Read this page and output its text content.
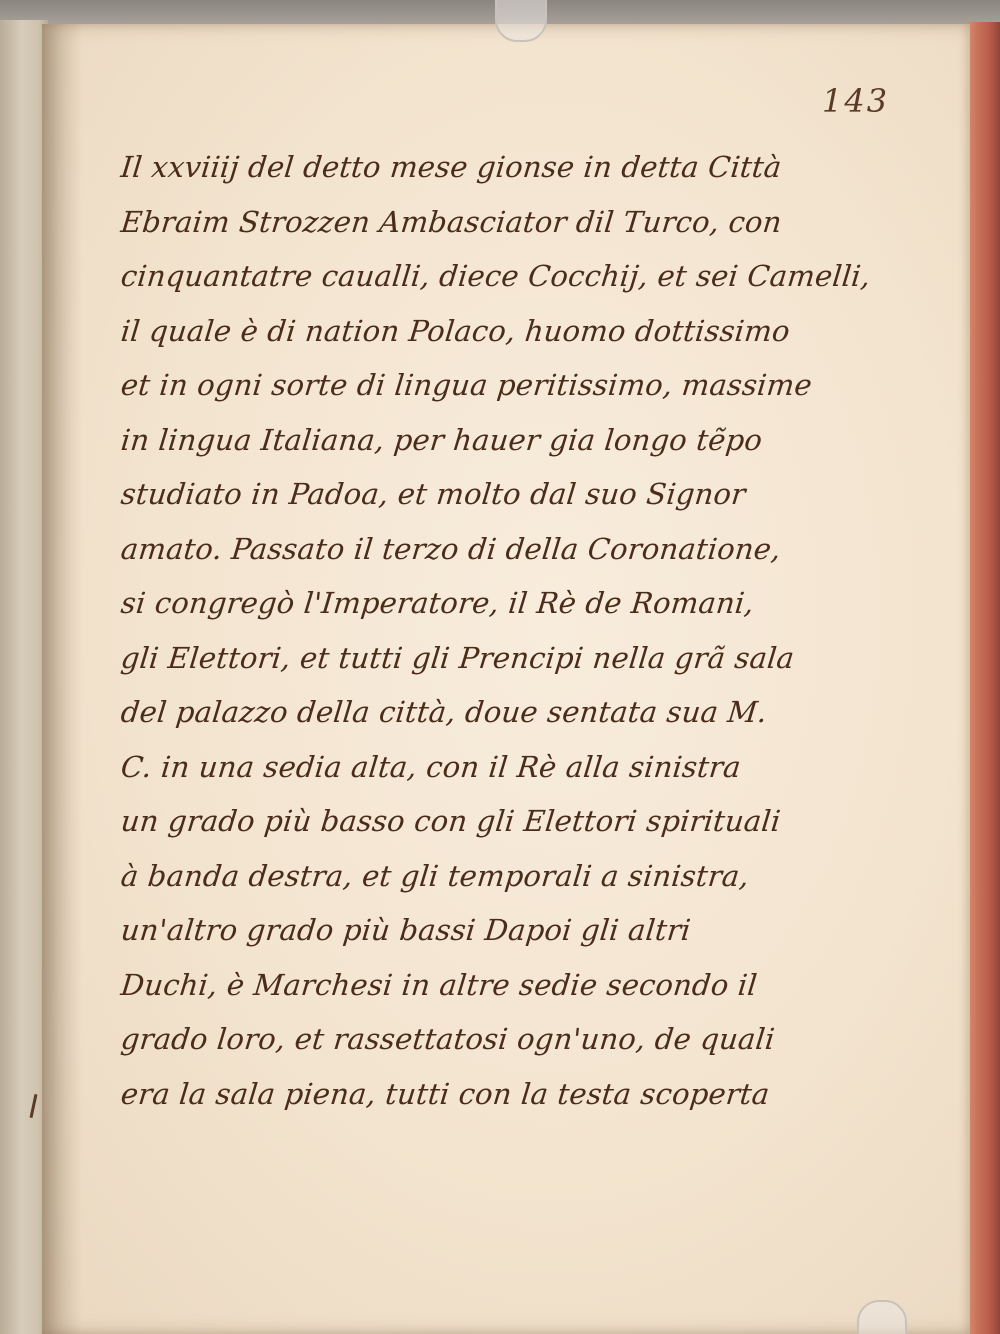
143
Il xxviiij del detto mese gionse in detta Città
Ebraim Strozzen Ambasciator dil Turco, con
cinquantatre caualli, diece Cocchij, et sei Camelli,
il quale è di nation Polaco, huomo dottissimo
et in ogni sorte di lingua peritissimo, massime
in lingua Italiana, per hauer gia longo tẽpo
studiato in Padoa, et molto dal suo Signor
amato. Passato il terzo di della Coronatione,
si congregò l'Imperatore, il Rè de Romani,
gli Elettori, et tutti gli Prencipi nella grã sala
del palazzo della città, doue sentata sua M.
C. in una sedia alta, con il Rè alla sinistra
un grado più basso con gli Elettori spirituali
à banda destra, et gli temporali a sinistra,
un'altro grado più bassi Dapoi gli altri
Duchi, è Marchesi in altre sedie secondo il
grado loro, et rassettatosi ogn'uno, de quali
era la sala piena, tutti con la testa scoperta
